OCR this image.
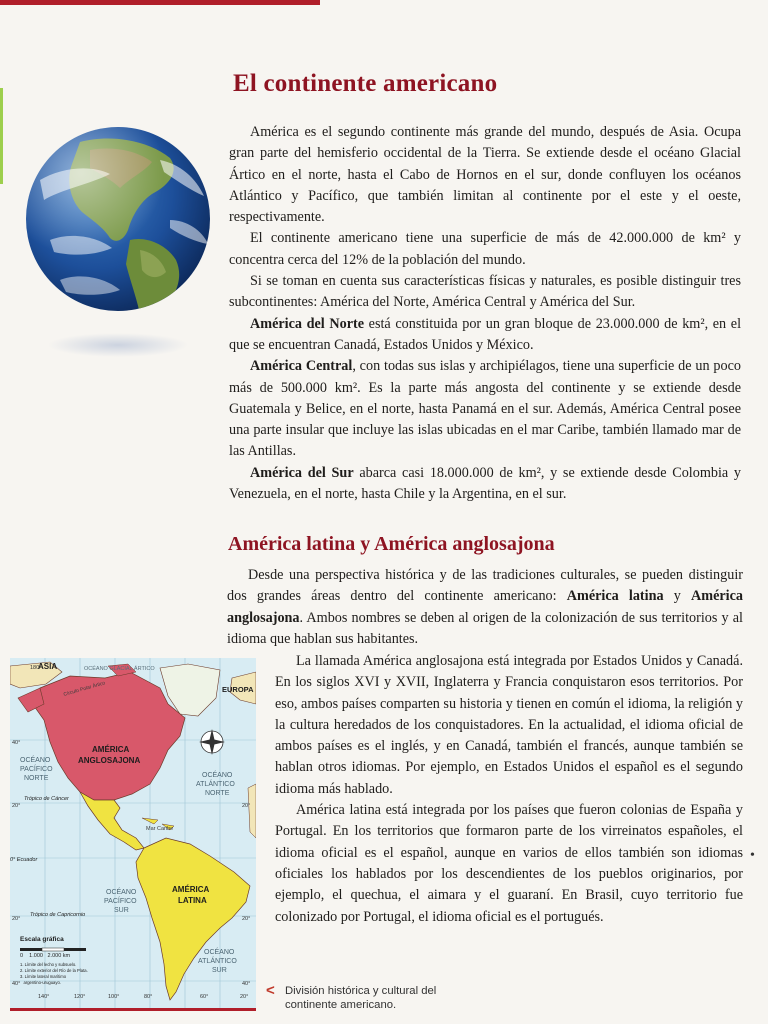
El continente americano

América es el segundo continente más grande del mundo, después de Asia. Ocupa gran parte del hemisferio occidental de la Tierra. Se extiende desde el océano Glacial Ártico en el norte, hasta el Cabo de Hornos en el sur, donde confluyen los océanos Atlántico y Pacífico, que también limitan al continente por el este y el oeste, respectivamente.

El continente americano tiene una superficie de más de 42.000.000 de km² y concentra cerca del 12% de la población del mundo.

Si se toman en cuenta sus características físicas y naturales, es posible distinguir tres subcontinentes: América del Norte, América Central y América del Sur.

América del Norte está constituida por un gran bloque de 23.000.000 de km², en el que se encuentran Canadá, Estados Unidos y México.

América Central, con todas sus islas y archipiélagos, tiene una superficie de un poco más de 500.000 km². Es la parte más angosta del continente y se extiende desde Guatemala y Belice, en el norte, hasta Panamá en el sur. Además, América Central posee una parte insular que incluye las islas ubicadas en el mar Caribe, también llamado mar de las Antillas.

América del Sur abarca casi 18.000.000 de km², y se extiende desde Colombia y Venezuela, en el norte, hasta Chile y la Argentina, en el sur.

América latina y América anglosajona

Desde una perspectiva histórica y de las tradiciones culturales, se pueden distinguir dos grandes áreas dentro del continente americano: América latina y América anglosajona. Ambos nombres se deben al origen de la colonización de sus territorios y al idioma que hablan sus habitantes.

La llamada América anglosajona está integrada por Estados Unidos y Canadá. En los siglos XVI y XVII, Inglaterra y Francia conquistaron esos territorios. Por eso, ambos países comparten su historia y tienen en común el idioma, la religión y la cultura heredados de los conquistadores. En la actualidad, el idioma oficial de ambos países es el inglés, y en Canadá, también el francés, aunque también se hablan otros idiomas. Por ejemplo, en Estados Unidos el español es el segundo idioma más hablado.

América latina está integrada por los países que fueron colonias de España y Portugal. En los territorios que formaron parte de los virreinatos españoles, el idioma oficial es el español, aunque en varios de ellos también son idiomas oficiales los hablados por los descendientes de los pueblos originarios, por ejemplo, el quechua, el aimara y el guaraní. En Brasil, cuyo territorio fue colonizado por Portugal, el idioma oficial es el portugués.

ASIA
EUROPA
OCÉANO GLACIAL ÁRTICO
Círculo Polar Ártico
AMÉRICA
ANGLOSAJONA
AMÉRICA
LATINA
OCÉANO
PACÍFICO
NORTE	OCÉANO
ATLÁNTICO
NORTE
OCÉANO
PACÍFICO
SUR
OCÉANO
ATLÁNTICO
SUR
Trópico de Cáncer
Trópico de Capricornio
0° Ecuador
Mar Caribe
Escala gráfica
0    1.000   2.000 km
1. Límite del lecho y subsuelo.
2. Límite exterior del Río de la Plata.
3. Límite lateral marítimo
argentino-uruguayo.
180°
40°
20°	20°
40°
20°	20°
40°
140°	120°	100°	80°	60°	20° < División histórica y cultural del continente americano.
•
